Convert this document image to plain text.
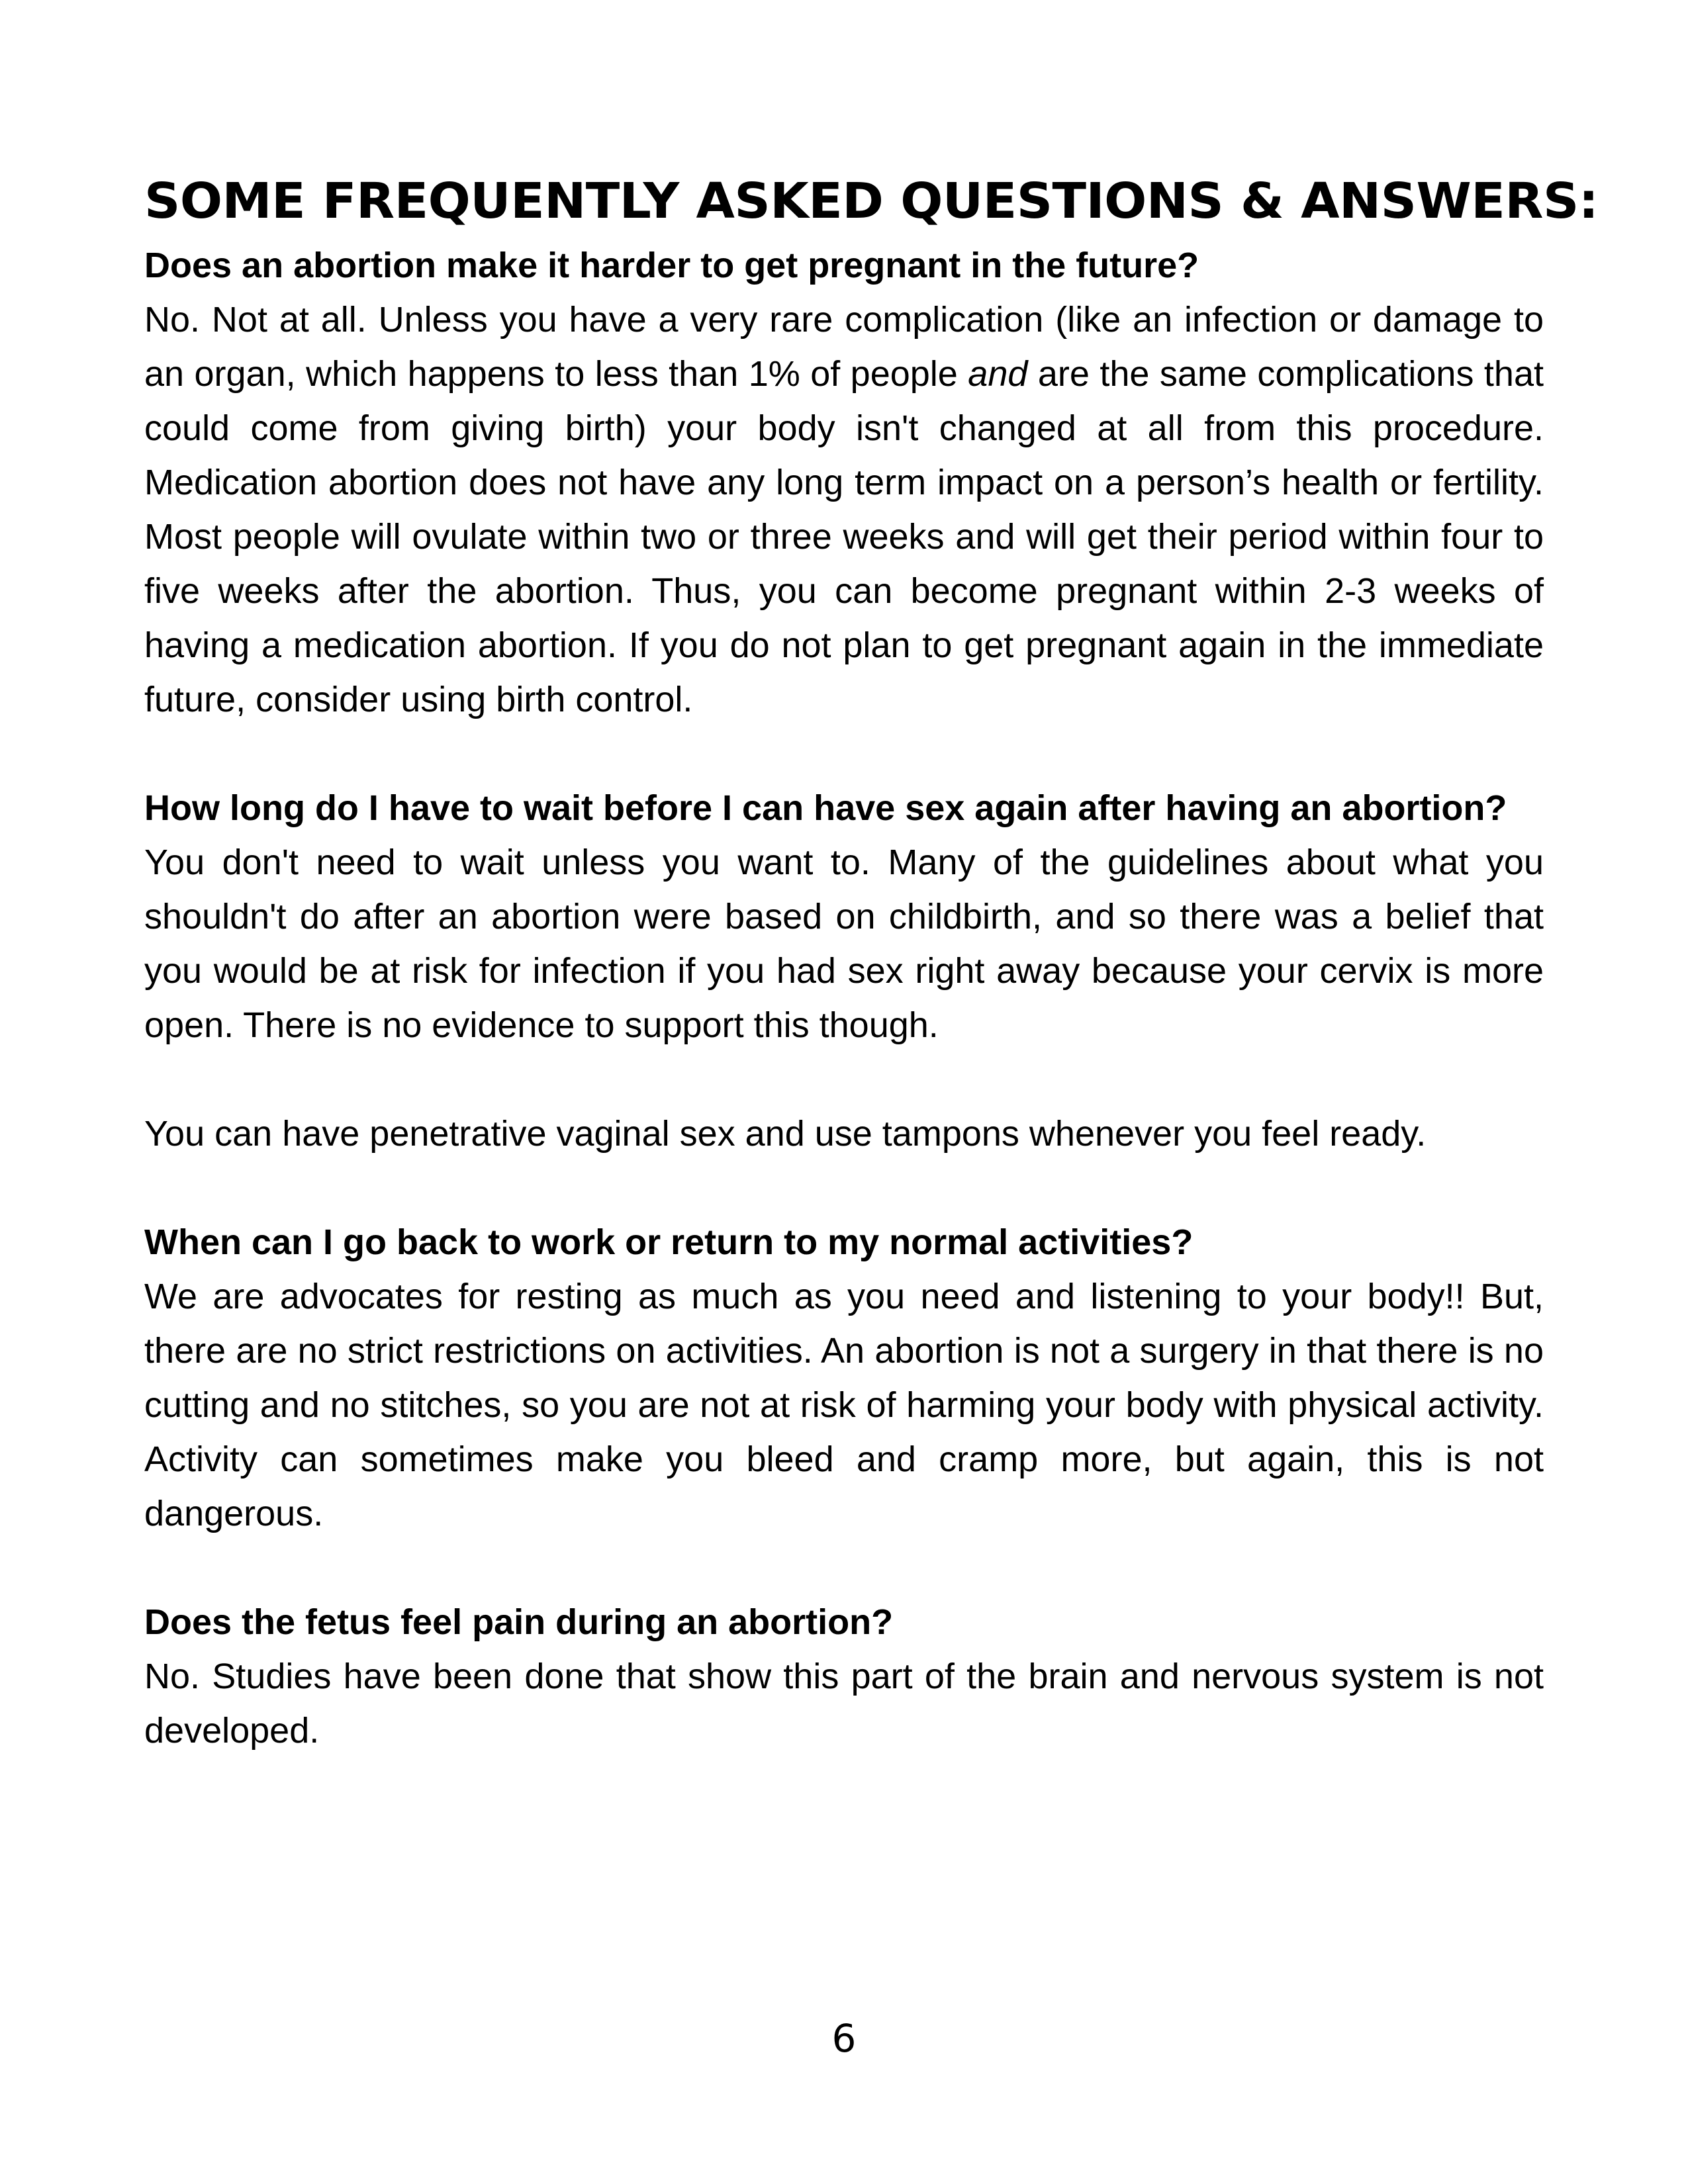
SOME FREQUENTLY ASKED QUESTIONS & ANSWERS:

Does an abortion make it harder to get pregnant in the future?

No. Not at all. Unless you have a very rare complication (like an infection or damage to an organ, which happens to less than 1% of people and are the same complications that could come from giving birth) your body isn't changed at all from this procedure. Medication abortion does not have any long term impact on a person’s health or fertility. Most people will ovulate within two or three weeks and will get their period within four to five weeks after the abortion. Thus, you can become pregnant within 2-3 weeks of having a medication abortion. If you do not plan to get pregnant again in the immediate future, consider using birth control.

How long do I have to wait before I can have sex again after having an abortion?

You don't need to wait unless you want to. Many of the guidelines about what you shouldn't do after an abortion were based on childbirth, and so there was a belief that you would be at risk for infection if you had sex right away because your cervix is more open. There is no evidence to support this though.

You can have penetrative vaginal sex and use tampons whenever you feel ready.

When can I go back to work or return to my normal activities?

We are advocates for resting as much as you need and listening to your body!! But, there are no strict restrictions on activities. An abortion is not a surgery in that there is no cutting and no stitches, so you are not at risk of harming your body with physical activity. Activity can sometimes make you bleed and cramp more, but again, this is not dangerous.

Does the fetus feel pain during an abortion?

No. Studies have been done that show this part of the brain and nervous system is not developed.

6
